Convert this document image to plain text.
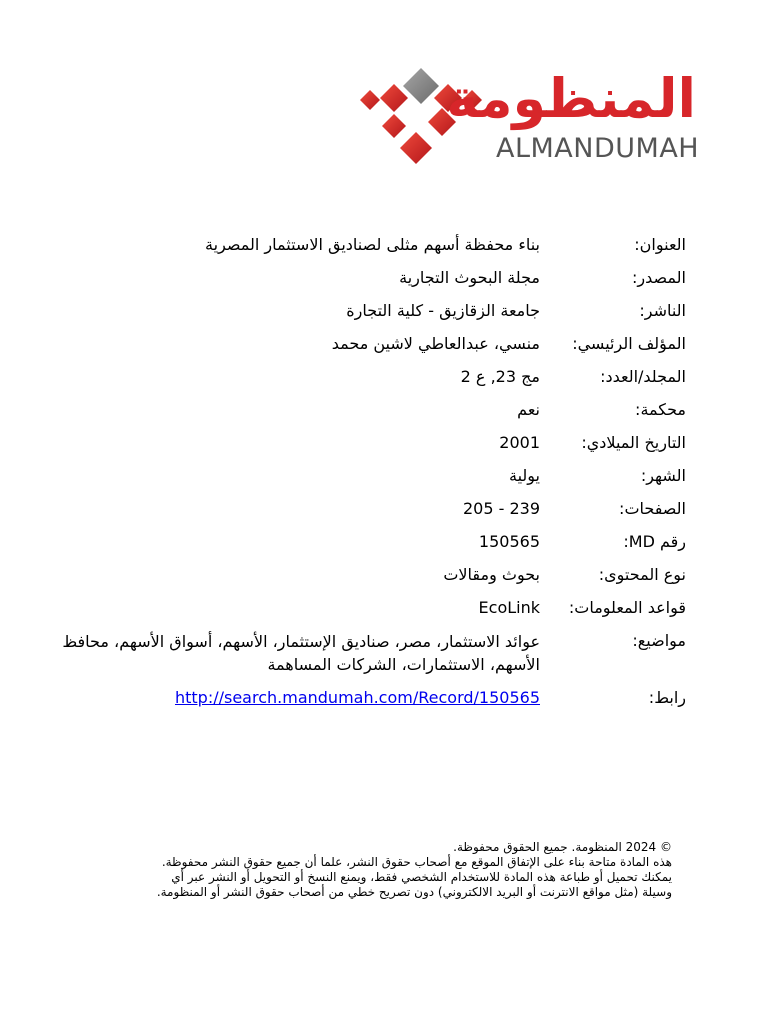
المنظومة
ALMANDUMAH
العنوان:
بناء محفظة أسهم مثلى لصناديق الاستثمار المصرية
المصدر:
مجلة البحوث التجارية
الناشر:
جامعة الزقازيق - كلية التجارة
المؤلف الرئيسي:
منسي، عبدالعاطي لاشين محمد
المجلد/العدد:
مج 23, ع 2
محكمة:
نعم
التاريخ الميلادي:
2001
الشهر:
يولية
الصفحات:
205 - 239
رقم MD:
150565
نوع المحتوى:
بحوث ومقالات
قواعد المعلومات:
EcoLink
مواضيع:
عوائد الاستثمار، مصر، صناديق الإستثمار، الأسهم، أسواق الأسهم، محافظ الأسهم، الاستثمارات، الشركات المساهمة
رابط:
http://search.mandumah.com/Record/150565

© 2024 المنظومة. جميع الحقوق محفوظة.

هذه المادة متاحة بناء على الإتفاق الموقع مع أصحاب حقوق النشر، علما أن جميع حقوق النشر محفوظة.

يمكنك تحميل أو طباعة هذه المادة للاستخدام الشخصي فقط، ويمنع النسخ أو التحويل أو النشر عبر أي

وسيلة (مثل مواقع الانترنت أو البريد الالكتروني) دون تصريح خطي من أصحاب حقوق النشر أو المنظومة.
